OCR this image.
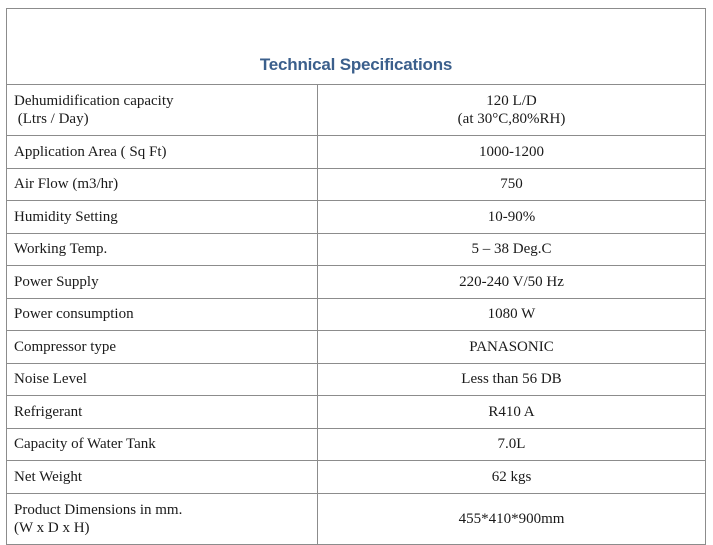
Technical Specifications	

Dehumidification capacity
(Ltrs / Day)	120 L/D
(at 30°C,80%RH)

Application Area ( Sq Ft)	1000-1200

Air Flow (m3/hr)	750

Humidity Setting	10-90%

Working Temp.	5 – 38 Deg.C

Power Supply	220-240 V/50 Hz

Power consumption	1080 W

Compressor type	PANASONIC

Noise Level	Less than 56 DB

Refrigerant	R410 A

Capacity of Water Tank	7.0L

Net Weight	62 kgs

Product Dimensions in mm.
(W x D x H)	455*410*900mm
